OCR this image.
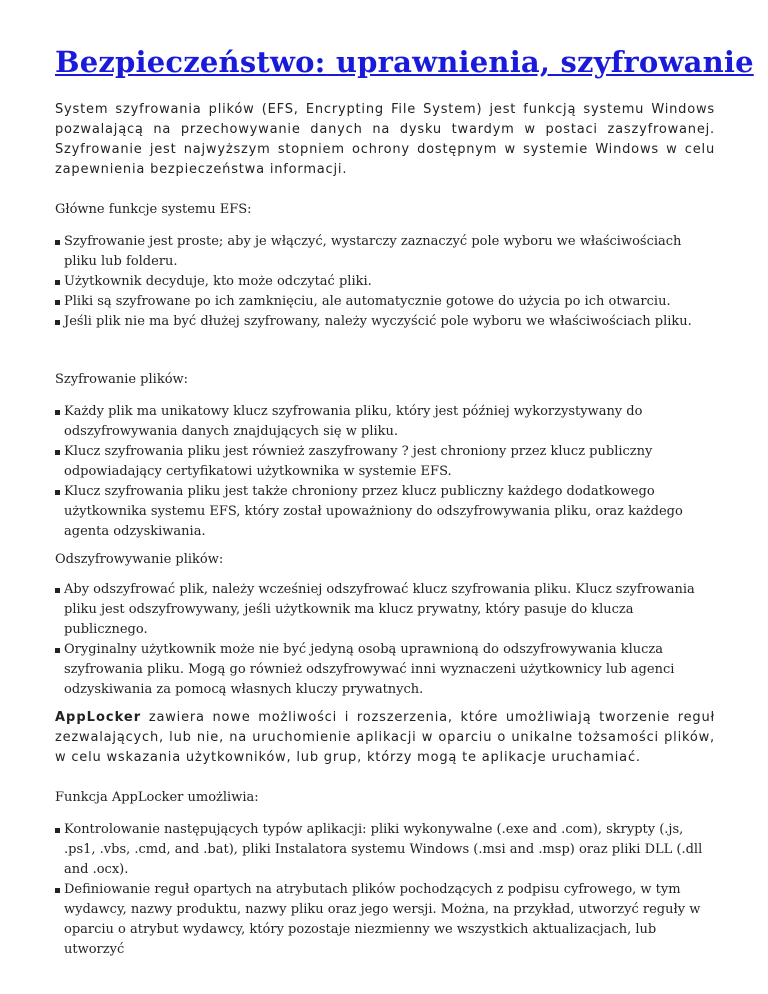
Bezpieczeństwo: uprawnienia, szyfrowanie
System szyfrowania plików (EFS, Encrypting File System) jest funkcją systemu Windows pozwalającą na przechowywanie danych na dysku twardym w postaci zaszyfrowanej. Szyfrowanie jest najwyższym stopniem ochrony dostępnym w systemie Windows w celu zapewnienia bezpieczeństwa informacji.
Główne funkcje systemu EFS:
Szyfrowanie jest proste; aby je włączyć, wystarczy zaznaczyć pole wyboru we właściwościach pliku lub folderu.
Użytkownik decyduje, kto może odczytać pliki.
Pliki są szyfrowane po ich zamknięciu, ale automatycznie gotowe do użycia po ich otwarciu.
Jeśli plik nie ma być dłużej szyfrowany, należy wyczyścić pole wyboru we właściwościach pliku.
Szyfrowanie plików:
Każdy plik ma unikatowy klucz szyfrowania pliku, który jest później wykorzystywany do odszyfrowywania danych znajdujących się w pliku.
Klucz szyfrowania pliku jest również zaszyfrowany ? jest chroniony przez klucz publiczny odpowiadający certyfikatowi użytkownika w systemie EFS.
Klucz szyfrowania pliku jest także chroniony przez klucz publiczny każdego dodatkowego użytkownika systemu EFS, który został upoważniony do odszyfrowywania pliku, oraz każdego agenta odzyskiwania.
Odszyfrowywanie plików:
Aby odszyfrować plik, należy wcześniej odszyfrować klucz szyfrowania pliku. Klucz szyfrowania pliku jest odszyfrowywany, jeśli użytkownik ma klucz prywatny, który pasuje do klucza publicznego.
Oryginalny użytkownik może nie być jedyną osobą uprawnioną do odszyfrowywania klucza szyfrowania pliku. Mogą go również odszyfrowywać inni wyznaczeni użytkownicy lub agenci odzyskiwania za pomocą własnych kluczy prywatnych.
AppLocker zawiera nowe możliwości i rozszerzenia, które umożliwiają tworzenie reguł zezwalających, lub nie, na uruchomienie aplikacji w oparciu o unikalne tożsamości plików, w celu wskazania użytkowników, lub grup, którzy mogą te aplikacje uruchamiać.
Funkcja AppLocker umożliwia:
Kontrolowanie następujących typów aplikacji: pliki wykonywalne (.exe and .com), skrypty (.js, .ps1, .vbs, .cmd, and .bat), pliki Instalatora systemu Windows (.msi and .msp) oraz pliki DLL (.dll and .ocx).
Definiowanie reguł opartych na atrybutach plików pochodzących z podpisu cyfrowego, w tym wydawcy, nazwy produktu, nazwy pliku oraz jego wersji. Można, na przykład, utworzyć reguły w oparciu o atrybut wydawcy, który pozostaje niezmienny we wszystkich aktualizacjach, lub utworzyć
